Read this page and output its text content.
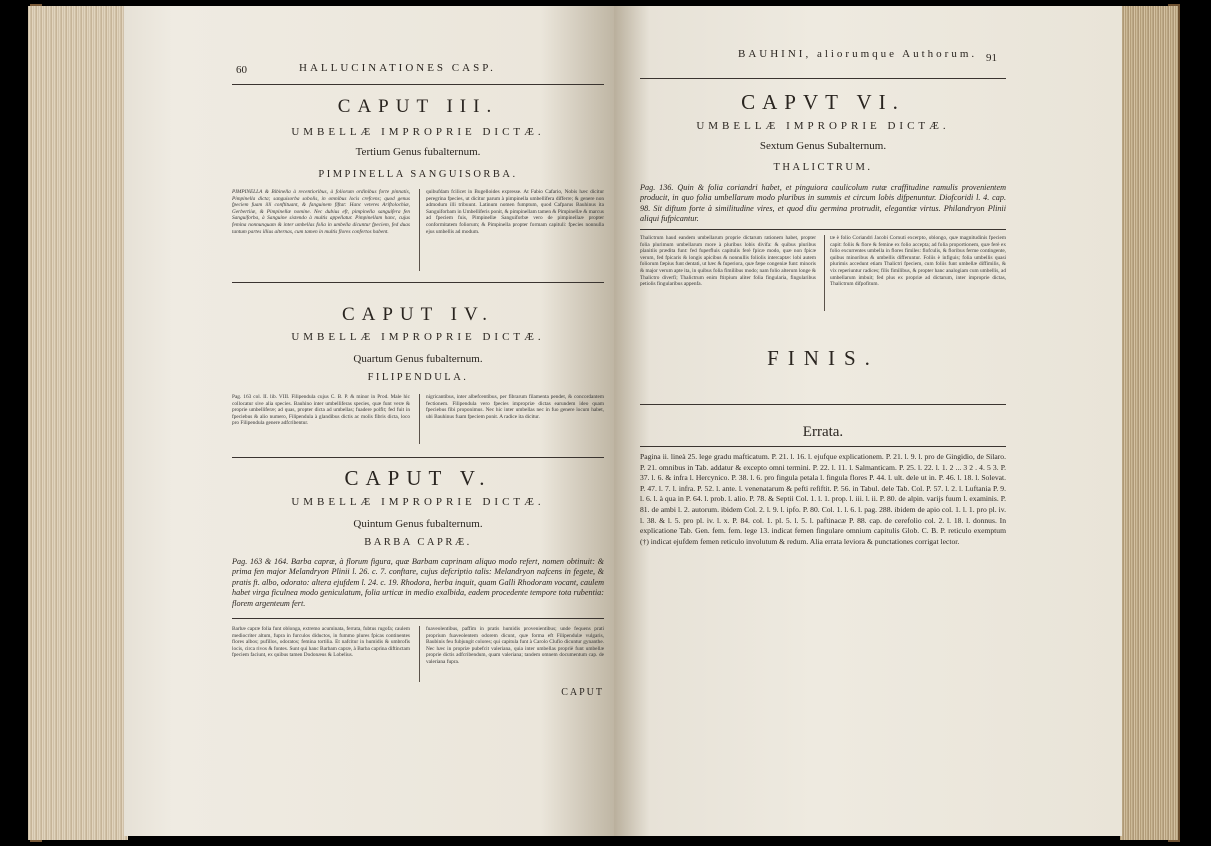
60	HALLUCINATIONES CASP.
CAPUT III.
UMBELLÆ IMPROPRIE DICTÆ.
Tertium Genus fubalternum.
PIMPINELLA SANGUISORBA.
PIMPINELLA & Bibinella à recentioribus, à foliorum ordinibus forte pinnatis, Pimpinella dicta; sanguisorba sobolis, in omnibus locis crefcens; quod genus fpeciem fuam illi conftituant, & fanguinem fiftat: Hanc veteres Ariftolochiæ, Gerbertiiæ, & Pimpinellæ nomine. Nec dubius eft, pimpinella sanguifera fen Sanguiforba, à Sanguine sistendo à multis appellatur. Pimpinellam hanc, cujus femina nonnunquam & inter umbellas folia in umbella dicuntur fpeciem, fed duas tantum partes illius alternas, cum tamen in multis flores confertos habent.
quibufdam fcilicet in Bugelloides expresse. At Fabio Cafario, Nobis hæc dicitur peregrina fpecies, ut dicitur parum à pimpinella umbellifera differre; & genere non admodum illi tribuunt. Latinum nomen fumptum, quod Cafparus Bauhinus ita Sanguiforbam in Umbelliferis ponit, & pimpinellam tamen & Pimpinellæ & marcus ad fpeciem fuis, Pimpinellæ Sanguiforbæ vero de pimpinellaæ propter conformitatem foliorum; & Pimpinella propter formam capituli: fpecies nonnulla ejus umbellis ad modum.
CAPUT IV.
UMBELLÆ IMPROPRIE DICTÆ.
Quartum Genus fubalternum.
FILIPENDULA.
Pag. 163 col. II. lib. VIII. Filipendula cujus C. B. P. & minor in Prod. Male hic collocatur sive alia species. Bauhino inter umbelliferas species, quæ funt veræ & proprie umbelliferæ; ad quas, propter dicta ad umbellas; fuadere polfit; fed fuit in fpeciebus & alio numero, Filipendula à glandibus dictis ac molis fibris dicta, loco pro Filipendula genere adfcribentur.
nigricantibus, inter albefcentibus, per fibrarum filamenta pendet, & concordantem fectionem. Filipendula vero fpecies impropriæ dictas earundem ideo quam fpeciebus fibi proponimus. Nec hic inter umbellas nec in fuo genere locum habet, ubi Bauhinus fuam fpeciem ponit. A radice ita dicitur.
CAPUT V.
UMBELLÆ IMPROPRIE DICTÆ.
Quintum Genus fubalternum.
BARBA CAPRÆ.
Pag. 163 & 164. Barba capræ, à florum figura, quæ Barbam caprinam aliquo modo refert, nomen obtinuit: & prima fen major Melandryon Plinii l. 26. c. 7. conftare, cujus defcriptio talis: Melandryon nafcens in fegete, & pratis ft. albo, odorato: altera ejufdem l. 24. c. 19. Rhodora, herba inquit, quam Galli Rhodoram vocant, caulem habet virga ficulnea modo geniculatum, folia urticæ in medio exalbida, eadem procedente tempore tota rubentia: florem argenteum fert.
Barbæ capræ folia funt oblonga, extremo acuminata, ferrata, fubtus rugofa; caulem mediocriter altum, fupra in furculos diductos, in fummo plures fpicas continentes flores albos; pufillos, odoratos; femina tortilia. Et nafcitur in humidis & umbrofis locis, circa rivos & fontes. Sunt qui hanc Barbam capræ, à Barba caprina diftinctam fpeciem faciunt, ex quibus tamen Dodonæus & Lobelius.
fuaveolentibus, paffim in pratis humidis provenientibus; unde fequens prati proprium fuaveolentem odorem dicunt, quæ forma eft Filipendulæ vulgaris, Baubinis feu fubjungit colores; qui capitula funt à Carolo Clufio dicuntur gynanthe. Nec hæc in propriæ pubefcit valeriana, quia inter umbellas propriè funt umbellæ proprie dictis adfcribendum, quam valeriana; tandem omnem documentum cap. de valeriana fupra.
CAPUT
BAUHINI, aliorumque Authorum. 91
CAPVT VI.
UMBELLÆ IMPROPRIE DICTÆ.
Sextum Genus Subalternum.
THALICTRUM.
Pag. 136. Quin & folia coriandri habet, et pinguiora caulicolum rutæ craffitudine ramulis provenientem producit, in quo folia umbellarum modo pluribus in summis et circum lobis difpenuntur. Diofcoridi l. 4. cap. 98. Sit diftum forte à similitudine vires, et quod diu germina protrudit, elegantiæ virtus. Philandryon Plinii aliqui fufpicantur.
Thalictrum haud eandem umbellarum proprie dictarum rationem habet, propter folia plurimum umbellarum more à pluribus lobis divifa: & quibus pluribus planitiis prædita funt: fed fuperfluis capitulis ferè fpicæ modo, quæ non fpicæ verum, fed fpicaris & longis apicibus & nonnullis foliolis intercaptæ: lobi autem foliorum fæpius funt dentati, ut hæc & fuperiora, quæ fæpe congeniæ funt: minoris & major verum apte ita, in quibus folia fimilibus modo; nam folio alterum longe & Thalictro diverfi; Thalictrum enim ftirpium aliter folia fingularia, fingularibus petiolis fingularibus appenfa.
tæ è folio Coriandri Jacobi Cornuti excerpto, oblongo, quæ magnitudinis fpeciem capit: foliis & flore & femine ex folio accepta; ad folia proportionem, quæ ferè ex folio excurrentes umbella in flores fimiles: flofculis, & floribus ferme contingente, quibus minoribus & umbellis differuntur. Foliis è infiguis; folia umbellis quasi plurimis accedunt etiam Thalictri fpeciem, cum foliis funt umbellæ diffimilis, & vix reperiuntur radices; filis fimilibus, & propter hanc analogiam cum umbellis, ad umbellarum imbuit; fed plus ex propriæ ad dictarum, inter improprie dictas, Thalictrum difpofitum.
FINIS.
Errata.
Pagina ii. lineà 25. lege gradu mafticatum. P. 21. l. 16. l. ejufque explicationem. P. 21. l. 9. l. pro de Gingidio, de Silaro. P. 21. omnibus in Tab. addatur & excepto omni termini. P. 22. l. 11. l. Salmanticam. P. 25. l. 22. l. 1. 2 ... 3 2 . 4. 5 3. P. 37. l. 6. & infra l. Hercynico. P. 38. l. 6. pro fingula petala l. fingula flores P. 44. l. ult. dele ut in. P. 46. l. 18. l. Solevat. P. 47. l. 7. l. infra. P. 52. l. ante. l. venenatarum & pefti refiftit. P. 56. in Tabul. dele Tab. Col. P. 57. l. 2. l. Luftania P. 9. l. 6. l. à qua in P. 64. l. prob. l. alio. P. 78. & Septii Col. 1. l. 1. prop. l. iii. l. ii. P. 80. de alpin. varijs fuum l. examinis. P. 81. de ambi l. 2. autorum. ibidem Col. 2. l. 9. l. ipfo. P. 80. Col. 1. l. 6. l. pag. 288. ibidem de apio col. 1. l. 1. pro pl. iv. l. 38. & l. 5. pro pl. iv. l. x. P. 84. col. 1. pl. 5. l. 5. l. paftinacæ P. 88. cap. de cerefolio col. 2. l. 18. l. donnus. In explicatione Tab. Gen. fem. fem. lege 13. indicat femen fingulare omnium capitulis Glob. C. B. P. reticulo exemptum (†) indicat ejufdem femen reticulo involutum & redum. Alia errata leviora & punctationes corrigat lector.
